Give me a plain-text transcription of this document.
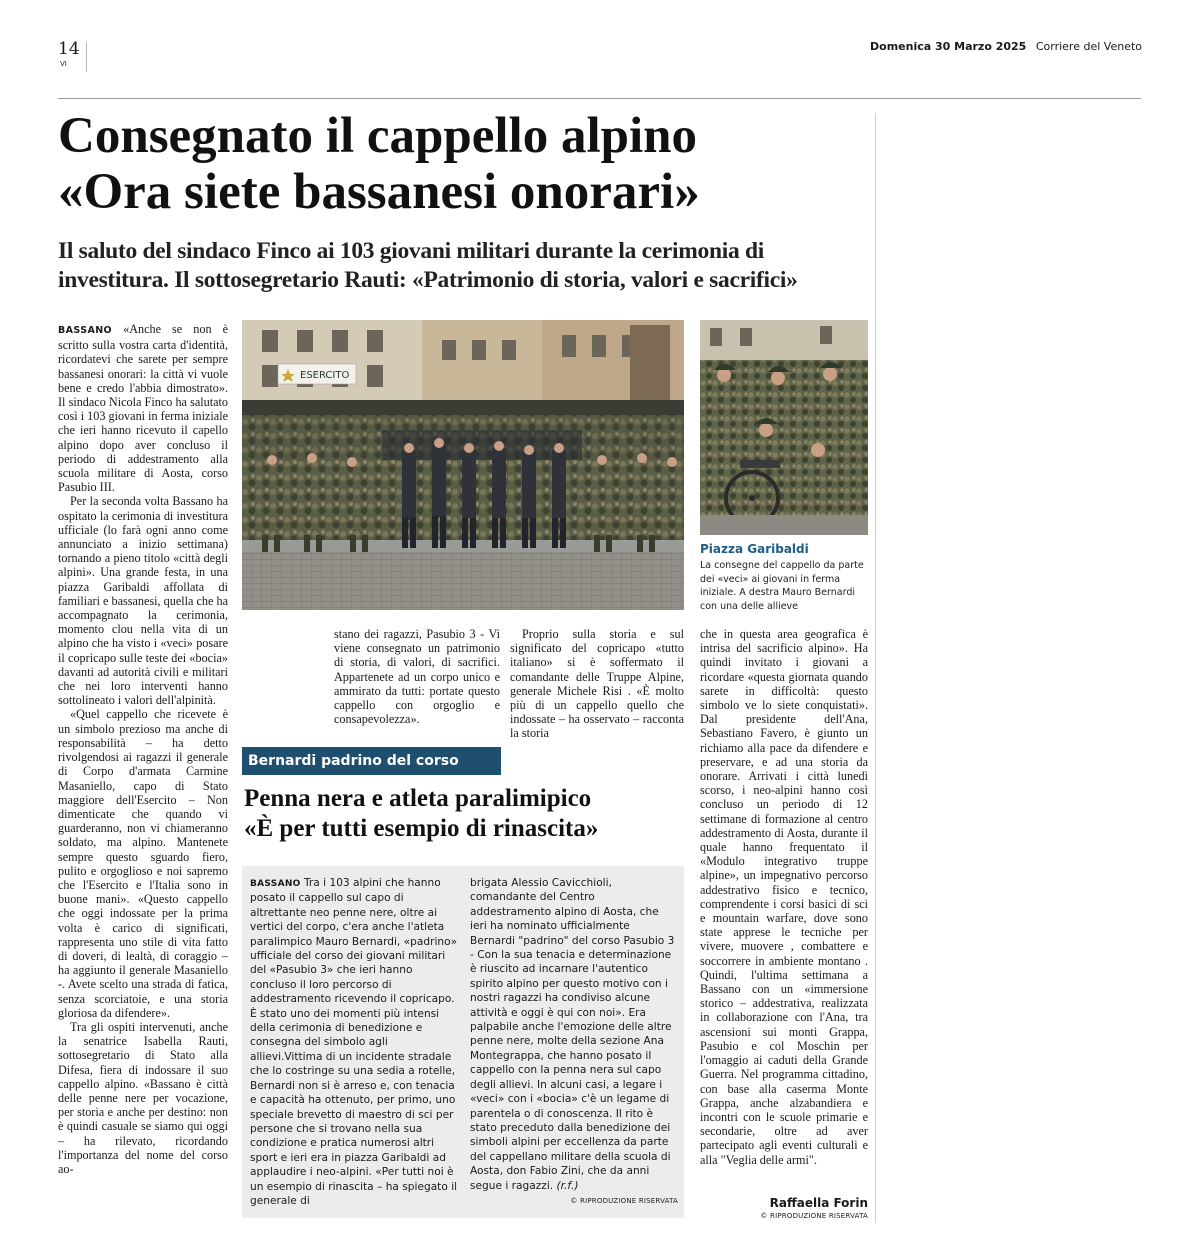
14
VI
Domenica 30 Marzo 2025 Corriere del Veneto
Consegnato il cappello alpino
«Ora siete bassanesi onorari»
Il saluto del sindaco Finco ai 103 giovani militari durante la cerimonia di
investitura. Il sottosegretario Rauti: «Patrimonio di storia, valori e sacrifici»

BASSANO «Anche se non è scritto sulla vostra carta d'identità, ricordatevi che sarete per sempre bassanesi onorari: la città vi vuole bene e credo l'abbia dimostrato». Il sindaco Nicola Finco ha salutato così i 103 giovani in ferma iniziale che ieri hanno ricevuto il capello alpino dopo aver concluso il periodo di addestramento alla scuola militare di Aosta, corso Pasubio III.

Per la seconda volta Bassano ha ospitato la cerimonia di investitura ufficiale (lo farà ogni anno come annunciato a inizio settimana) tornando a pieno titolo «città degli alpini». Una grande festa, in una piazza Garibaldi affollata di familiari e bassanesi, quella che ha accompagnato la cerimonia, momento clou nella vita di un alpino che ha visto i «veci» posare il copricapo sulle teste dei «bocia» davanti ad autorità civili e militari che nei loro interventi hanno sottolineato i valori dell'alpinità.

«Quel cappello che ricevete è un simbolo prezioso ma anche di responsabilità – ha detto rivolgendosi ai ragazzi il generale di Corpo d'armata Carmine Masaniello, capo di Stato maggiore dell'Esercito – Non dimenticate che quando vi guarderanno, non vi chiameranno soldato, ma alpino. Mantenete sempre questo sguardo fiero, pulito e orgoglioso e noi sapremo che l'Esercito e l'Italia sono in buone mani». «Questo cappello che oggi indossate per la prima volta è carico di significati, rappresenta uno stile di vita fatto di doveri, di lealtà, di coraggio – ha aggiunto il generale Masaniello -. Avete scelto una strada di fatica, senza scorciatoie, e una storia gloriosa da difendere».

Tra gli ospiti intervenuti, anche la senatrice Isabella Rauti, sottosegretario di Stato alla Difesa, fiera di indossare il suo cappello alpino. «Bassano è città delle penne nere per vocazione, per storia e anche per destino: non è quindi casuale se siamo qui oggi – ha rilevato, ricordando l'importanza del nome del corso ao-

ESERCITO
Piazza Garibaldi
La consegne del cappello da parte dei «veci» ai giovani in ferma iniziale. A destra Mauro Bernardi con una delle allieve

stano dei ragazzi, Pasubio 3 - Vi viene consegnato un patrimonio di storia, di valori, di sacrifici. Appartenete ad un corpo unico e ammirato da tutti: portate questo cappello con orgoglio e consapevolezza».

Proprio sulla storia e sul significato del copricapo «tutto italiano» si è soffermato il comandante delle Truppe Alpine, generale Michele Risi . «È molto più di un cappello quello che indossate – ha osservato – racconta la storia

che in questa area geografica è intrisa del sacrificio alpino». Ha quindi invitato i giovani a ricordare «questa giornata quando sarete in difficoltà: questo simbolo ve lo siete conquistati». Dal presidente dell'Ana, Sebastiano Favero, è giunto un richiamo alla pace da difendere e preservare, e ad una storia da onorare. Arrivati i città lunedì scorso, i neo-alpini hanno così concluso un periodo di 12 settimane di formazione al centro addestramento di Aosta, durante il quale hanno frequentato il «Modulo integrativo truppe alpine», un impegnativo percorso addestrativo fisico e tecnico, comprendente i corsi basici di sci e mountain warfare, dove sono state apprese le tecniche per vivere, muovere , combattere e soccorrere in ambiente montano . Quindi, l'ultima settimana a Bassano con un «immersione storico – addestrativa, realizzata in collaborazione con l'Ana, tra ascensioni sui monti Grappa, Pasubio e col Moschin per l'omaggio ai caduti della Grande Guerra. Nel programma cittadino, con base alla caserma Monte Grappa, anche alzabandiera e incontri con le scuole primarie e secondarie, oltre ad aver partecipato agli eventi culturali e alla "Veglia delle armi".

Raffaella Forin
© RIPRODUZIONE RISERVATA
Bernardi padrino del corso
Penna nera e atleta paralimipico
«È per tutti esempio di rinascita»
BASSANO Tra i 103 alpini che hanno posato il cappello sul capo di altrettante neo penne nere, oltre ai vertici del corpo, c'era anche l'atleta paralimpico Mauro Bernardi, «padrino» ufficiale del corso dei giovani militari del «Pasubio 3» che ieri hanno concluso il loro percorso di addestramento ricevendo il copricapo. È stato uno dei momenti più intensi della cerimonia di benedizione e consegna del simbolo agli allievi.Vittima di un incidente stradale che lo costringe su una sedia a rotelle, Bernardi non si è arreso e, con tenacia e capacità ha ottenuto, per primo, uno speciale brevetto di maestro di sci per persone che si trovano nella sua condizione e pratica numerosi altri sport e ieri era in piazza Garibaldi ad applaudire i neo-alpini. «Per tutti noi è un esempio di rinascita – ha spiegato il generale di
brigata Alessio Cavicchioli, comandante del Centro addestramento alpino di Aosta, che ieri ha nominato ufficialmente Bernardi "padrino" del corso Pasubio 3 - Con la sua tenacia e determinazione è riuscito ad incarnare l'autentico spirito alpino per questo motivo con i nostri ragazzi ha condiviso alcune attività e oggi è qui con noi». Era palpabile anche l'emozione delle altre penne nere, molte della sezione Ana Montegrappa, che hanno posato il cappello con la penna nera sul capo degli allievi. In alcuni casi, a legare i «veci» con i «bocia» c'è un legame di parentela o di conoscenza. Il rito è stato preceduto dalla benedizione dei simboli alpini per eccellenza da parte del cappellano militare della scuola di Aosta, don Fabio Zini, che da anni segue i ragazzi. (r.f.)
© RIPRODUZIONE RISERVATA
